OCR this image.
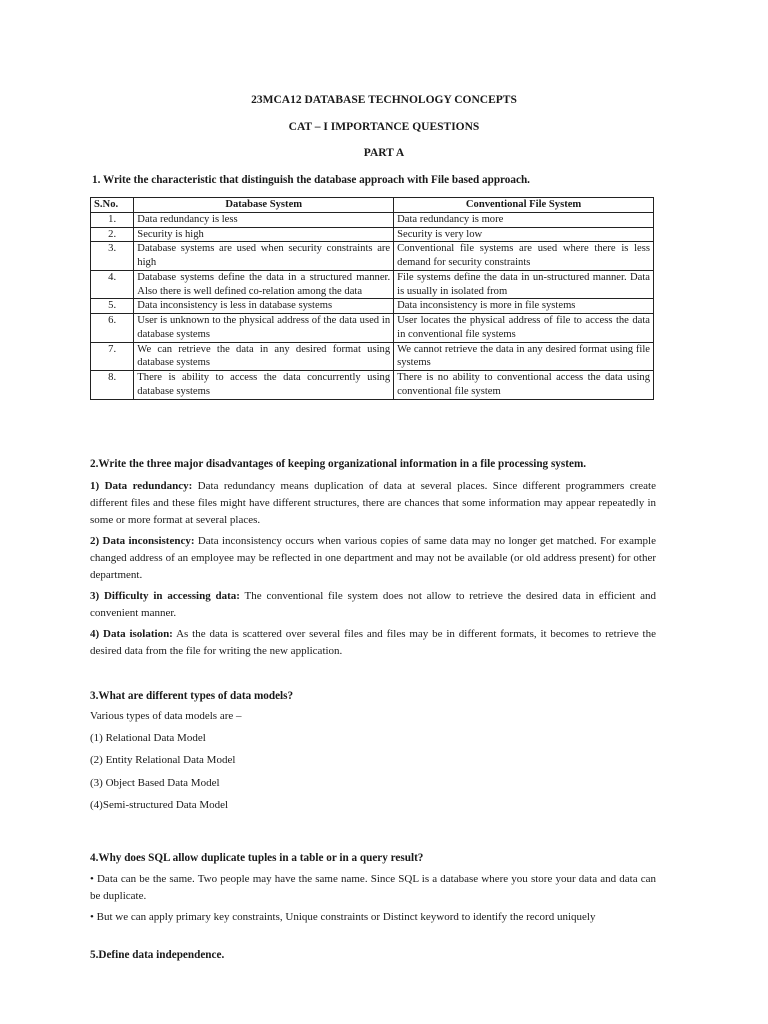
23MCA12 DATABASE TECHNOLOGY CONCEPTS
CAT – I IMPORTANCE QUESTIONS
PART A
1. Write the characteristic that distinguish the database approach with File based approach.
S.No.	Database System	Conventional File System
1.	Data redundancy is less	Data redundancy is more
2.	Security is high	Security is very low
3.	Database systems are used when security constraints are high	Conventional file systems are used where there is less demand for security constraints
4.	Database systems define the data in a structured manner. Also there is well defined co-relation among the data	File systems define the data in un-structured manner. Data is usually in isolated from
5.	Data inconsistency is less in database systems	Data inconsistency is more in file systems
6.	User is unknown to the physical address of the data used in database systems	User locates the physical address of file to access the data in conventional file systems
7.	We can retrieve the data in any desired format using database systems	We cannot retrieve the data in any desired format using file systems
8.	There is ability to access the data concurrently using database systems	There is no ability to conventional access the data using conventional file system
2.Write the three major disadvantages of keeping organizational information in a file processing system.

1) Data redundancy: Data redundancy means duplication of data at several places. Since different programmers create different files and these files might have different structures, there are chances that some information may appear repeatedly in some or more format at several places.

2) Data inconsistency: Data inconsistency occurs when various copies of same data may no longer get matched. For example changed address of an employee may be reflected in one department and may not be available (or old address present) for other department.

3) Difficulty in accessing data: The conventional file system does not allow to retrieve the desired data in efficient and convenient manner.

4) Data isolation: As the data is scattered over several files and files may be in different formats, it becomes to retrieve the desired data from the file for writing the new application.

3.What are different types of data models?
Various types of data models are –
(1) Relational Data Model
(2) Entity Relational Data Model
(3) Object Based Data Model
(4)Semi-structured Data Model
4.Why does SQL allow duplicate tuples in a table or in a query result?

• Data can be the same. Two people may have the same name. Since SQL is a database where you store your data and data can be duplicate.

• But we can apply primary key constraints, Unique constraints or Distinct keyword to identify the record uniquely

5.Define data independence.
